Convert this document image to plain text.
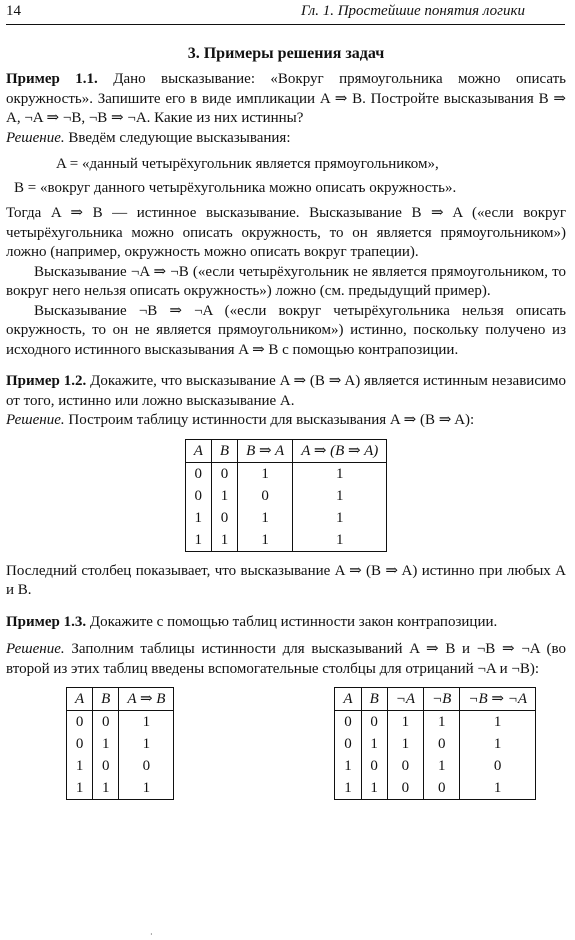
14	Гл. 1. Простейшие понятия логики
3. Примеры решения задач

Пример 1.1. Дано высказывание: «Вокруг прямоугольника можно описать окружность». Запишите его в виде импликации A ⇒ B. Постройте высказывания B ⇒ A, ¬A ⇒ ¬B, ¬B ⇒ ¬A. Какие из них истинны?

Решение. Введём следующие высказывания:

A = «данный четырёхугольник является прямоугольником»,

B = «вокруг данного четырёхугольника можно описать окружность».

Тогда A ⇒ B — истинное высказывание. Высказывание B ⇒ A («если вокруг четырёхугольника можно описать окружность, то он является прямоугольником») ложно (например, окружность можно описать вокруг трапеции).

Высказывание ¬A ⇒ ¬B («если четырёхугольник не является прямоугольником, то вокруг него нельзя описать окружность») ложно (см. предыдущий пример).

Высказывание ¬B ⇒ ¬A («если вокруг четырёхугольника нельзя описать окружность, то он не является прямоугольником») истинно, поскольку получено из исходного истинного высказывания A ⇒ B с помощью контрапозиции.

Пример 1.2. Докажите, что высказывание A ⇒ (B ⇒ A) является истинным независимо от того, истинно или ложно высказывание A.

Решение. Построим таблицу истинности для высказывания A ⇒ (B ⇒ A):

A	B	B ⇒ A	A ⇒ (B ⇒ A)
0	0	1	1
0	1	0	1
1	0	1	1
1	1	1	1

Последний столбец показывает, что высказывание A ⇒ (B ⇒ A) истинно при любых A и B.

Пример 1.3. Докажите с помощью таблиц истинности закон контрапозиции.

Решение. Заполним таблицы истинности для высказываний A ⇒ B и ¬B ⇒ ¬A (во второй из этих таблиц введены вспомогательные столбцы для отрицаний ¬A и ¬B):

A	B	A ⇒ B
0	0	1
0	1	1
1	0	0
1	1	1
A	B	¬A	¬B	¬B ⇒ ¬A
0	0	1	1	1
0	1	1	0	1
1	0	0	1	0
1	1	0	0	1
·
